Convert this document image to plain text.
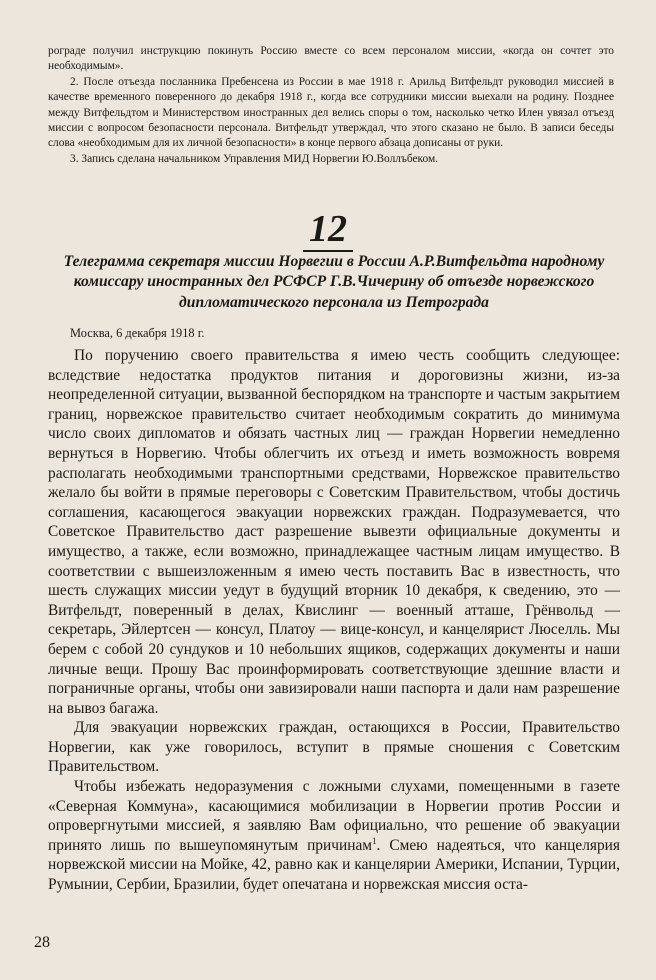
рограде получил инструкцию покинуть Россию вместе со всем персоналом миссии, «когда он сочтет это необходимым».

2. После отъезда посланника Пребенсена из России в мае 1918 г. Арильд Витфельдт руководил миссией в качестве временного поверенного до декабря 1918 г., когда все сотрудники миссии выехали на родину. Позднее между Витфельдтом и Министерством иностранных дел велись споры о том, насколько четко Илен увязал отъезд миссии с вопросом безопасности персонала. Витфельдт утверждал, что этого сказано не было. В записи беседы слова «необходимым для их личной безопасности» в конце первого абзаца дописаны от руки.

3. Запись сделана начальником Управления МИД Норвегии Ю.Воллъбеком.

12

Телеграмма секретаря миссии Норвегии в России А.Р.Витфельдта народному комиссару иностранных дел РСФСР Г.В.Чичерину об отъезде норвежского дипломатического персонала из Петрограда

Москва, 6 декабря 1918 г.

По поручению своего правительства я имею честь сообщить следующее: вследствие недостатка продуктов питания и дороговизны жизни, из-за неопределенной ситуации, вызванной беспорядком на транспорте и частым закрытием границ, норвежское правительство считает необходимым сократить до минимума число своих дипломатов и обязать частных лиц — граждан Норвегии немедленно вернуться в Норвегию. Чтобы облегчить их отъезд и иметь возможность вовремя располагать необходимыми транспортными средствами, Норвежское правительство желало бы войти в прямые переговоры с Советским Правительством, чтобы достичь соглашения, касающегося эвакуации норвежских граждан. Подразумевается, что Советское Правительство даст разрешение вывезти официальные документы и имущество, а также, если возможно, принадлежащее частным лицам имущество. В соответствии с вышеизложенным я имею честь поставить Вас в известность, что шесть служащих миссии уедут в будущий вторник 10 декабря, к сведению, это — Витфельдт, поверенный в делах, Квислинг — военный атташе, Грёнвольд — секретарь, Эйлертсен — консул, Платоу — вице-консул, и канцелярист Люселль. Мы берем с собой 20 сундуков и 10 небольших ящиков, содержащих документы и наши личные вещи. Прошу Вас проинформировать соответствующие здешние власти и пограничные органы, чтобы они завизировали наши паспорта и дали нам разрешение на вывоз багажа.

Для эвакуации норвежских граждан, остающихся в России, Правительство Норвегии, как уже говорилось, вступит в прямые сношения с Советским Правительством.

Чтобы избежать недоразумения с ложными слухами, помещенными в газете «Северная Коммуна», касающимися мобилизации в Норвегии против России и опровергнутыми миссией, я заявляю Вам официально, что решение об эвакуации принято лишь по вышеупомянутым причинам$^1$. Смею надеяться, что канцелярия норвежской миссии на Мойке, 42, равно как и канцелярии Америки, Испании, Турции, Румынии, Сербии, Бразилии, будет опечатана и норвежская миссия оста-

28
